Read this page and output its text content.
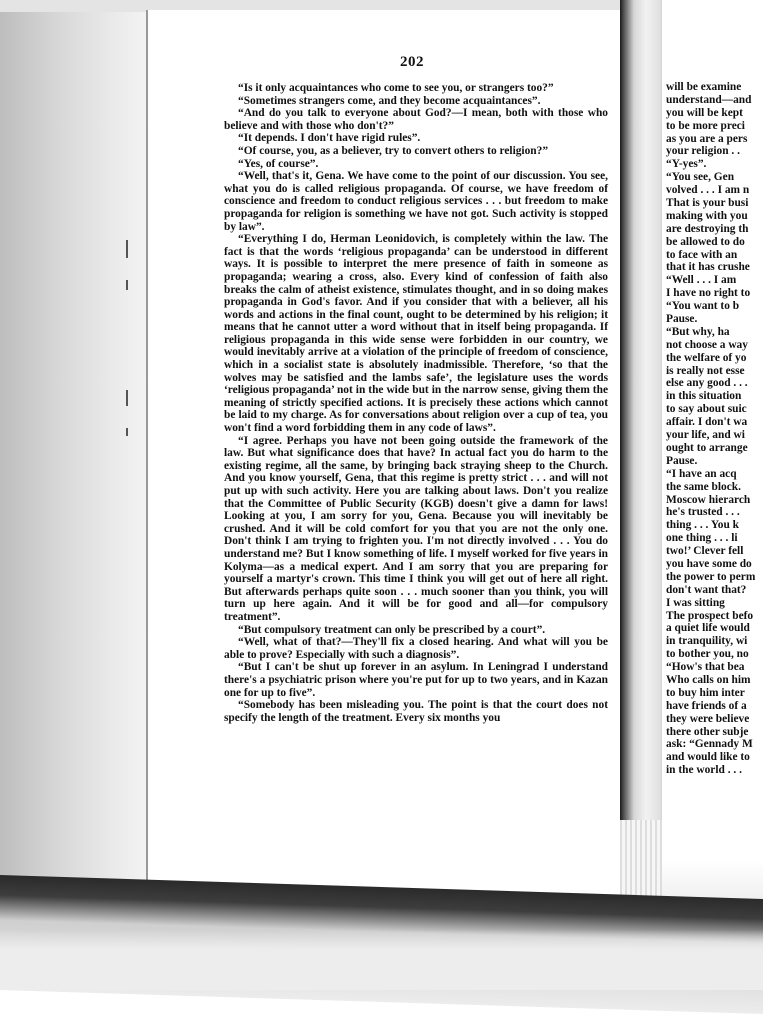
will be examine
understand—and
you will be kept
to be more preci
as you are a pers
your religion . .
“Y-yes”.
“You see, Gen
volved . . . I am n
That is your busi
making with you
are destroying th
be allowed to do
to face with an
that it has crushe
“Well . . . I am
I have no right to
“You want to b
Pause.
“But why, ha
not choose a way
the welfare of yo
is really not esse
else any good . . .
in this situation
to say about suic
affair. I don't wa
your life, and wi
ought to arrange
Pause.
“I have an acq
the same block.
Moscow hierarch
he's trusted . . .
thing . . . You k
one thing . . . li
two!’ Clever fell
you have some do
the power to perm
don't want that?
I was sitting
The prospect befo
a quiet life would
in tranquility, wi
to bother you, no
“How's that bea
Who calls on him
to buy him inter
have friends of a
they were believe
there other subje
ask: “Gennady M
and would like to
in the world . . .
202

“Is it only acquaintances who come to see you, or strangers too?”

“Sometimes strangers come, and they become acquaintances”.

“And do you talk to everyone about God?—I mean, both with those who believe and with those who don't?”

“It depends. I don't have rigid rules”.

“Of course, you, as a believer, try to convert others to religion?”

“Yes, of course”.

“Well, that's it, Gena. We have come to the point of our discussion. You see, what you do is called religious propaganda. Of course, we have freedom of conscience and freedom to conduct religious services . . . but freedom to make propaganda for religion is something we have not got. Such activity is stopped by law”.

“Everything I do, Herman Leonidovich, is completely within the law. The fact is that the words ‘religious propaganda’ can be understood in different ways. It is possible to interpret the mere presence of faith in someone as propaganda; wearing a cross, also. Every kind of confession of faith also breaks the calm of atheist existence, stimulates thought, and in so doing makes propaganda in God's favor. And if you consider that with a believer, all his words and actions in the final count, ought to be determined by his religion; it means that he cannot utter a word without that in itself being propaganda. If religious propaganda in this wide sense were forbidden in our country, we would inevitably arrive at a violation of the principle of freedom of conscience, which in a socialist state is absolutely inadmissible. Therefore, ‘so that the wolves may be satisfied and the lambs safe’, the legislature uses the words ‘religious propaganda’ not in the wide but in the narrow sense, giving them the meaning of strictly specified actions. It is precisely these actions which cannot be laid to my charge. As for conversations about religion over a cup of tea, you won't find a word forbidding them in any code of laws”.

“I agree. Perhaps you have not been going outside the framework of the law. But what significance does that have? In actual fact you do harm to the existing regime, all the same, by bringing back straying sheep to the Church. And you know yourself, Gena, that this regime is pretty strict . . . and will not put up with such activity. Here you are talking about laws. Don't you realize that the Committee of Public Security (KGB) doesn't give a damn for laws! Looking at you, I am sorry for you, Gena. Because you will inevitably be crushed. And it will be cold comfort for you that you are not the only one. Don't think I am trying to frighten you. I'm not directly involved . . . You do understand me? But I know something of life. I myself worked for five years in Kolyma—as a medical expert. And I am sorry that you are preparing for yourself a martyr's crown. This time I think you will get out of here all right. But afterwards perhaps quite soon . . . much sooner than you think, you will turn up here again. And it will be for good and all—for compulsory treatment”.

“But compulsory treatment can only be prescribed by a court”.

“Well, what of that?—They'll fix a closed hearing. And what will you be able to prove? Especially with such a diagnosis”.

“But I can't be shut up forever in an asylum. In Leningrad I understand there's a psychiatric prison where you're put for up to two years, and in Kazan one for up to five”.

“Somebody has been misleading you. The point is that the court does not specify the length of the treatment. Every six months you
